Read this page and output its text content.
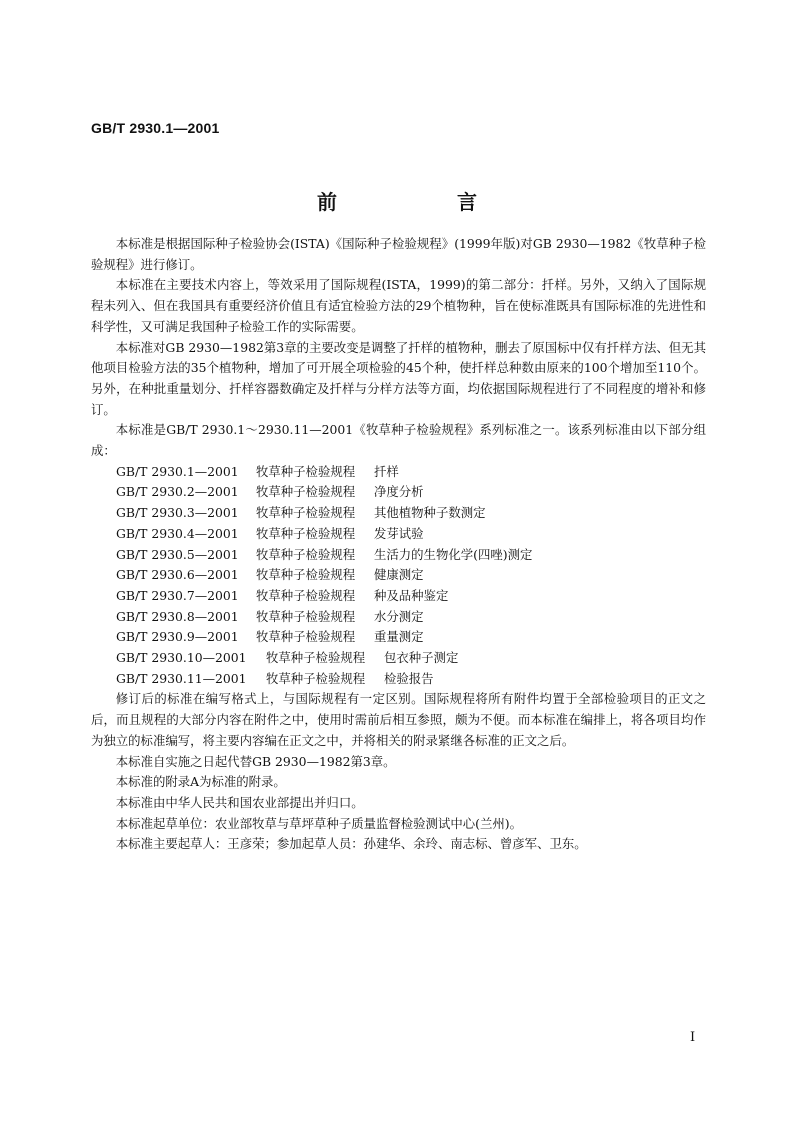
GB/T 2930.1—2001
前　言

本标准是根据国际种子检验协会(ISTA)《国际种子检验规程》(1999年版)对GB 2930—1982《牧草种子检验规程》进行修订。

本标准在主要技术内容上，等效采用了国际规程(ISTA，1999)的第二部分：扦样。另外，又纳入了国际规程未列入、但在我国具有重要经济价值且有适宜检验方法的29个植物种，旨在使标准既具有国际标准的先进性和科学性，又可满足我国种子检验工作的实际需要。

本标准对GB 2930—1982第3章的主要改变是调整了扦样的植物种，删去了原国标中仅有扦样方法、但无其他项目检验方法的35个植物种，增加了可开展全项检验的45个种，使扦样总种数由原来的100个增加至110个。另外，在种批重量划分、扦样容器数确定及扦样与分样方法等方面，均依据国际规程进行了不同程度的增补和修订。

本标准是GB/T 2930.1～2930.11—2001《牧草种子检验规程》系列标准之一。该系列标准由以下部分组成：

GB/T 2930.1—2001	牧草种子检验规程	扦样
GB/T 2930.2—2001	牧草种子检验规程	净度分析
GB/T 2930.3—2001	牧草种子检验规程	其他植物种子数测定
GB/T 2930.4—2001	牧草种子检验规程	发芽试验
GB/T 2930.5—2001	牧草种子检验规程	生活力的生物化学(四唑)测定
GB/T 2930.6—2001	牧草种子检验规程	健康测定
GB/T 2930.7—2001	牧草种子检验规程	种及品种鉴定
GB/T 2930.8—2001	牧草种子检验规程	水分测定
GB/T 2930.9—2001	牧草种子检验规程	重量测定
GB/T 2930.10—2001	牧草种子检验规程	包衣种子测定
GB/T 2930.11—2001	牧草种子检验规程	检验报告

修订后的标准在编写格式上，与国际规程有一定区别。国际规程将所有附件均置于全部检验项目的正文之后，而且规程的大部分内容在附件之中，使用时需前后相互参照，颇为不便。而本标准在编排上，将各项目均作为独立的标准编写，将主要内容编在正文之中，并将相关的附录紧继各标准的正文之后。

本标准自实施之日起代替GB 2930—1982第3章。

本标准的附录A为标准的附录。

本标准由中华人民共和国农业部提出并归口。

本标准起草单位：农业部牧草与草坪草种子质量监督检验测试中心(兰州)。

本标准主要起草人：王彦荣；参加起草人员：孙建华、余玲、南志标、曾彦军、卫东。

I
